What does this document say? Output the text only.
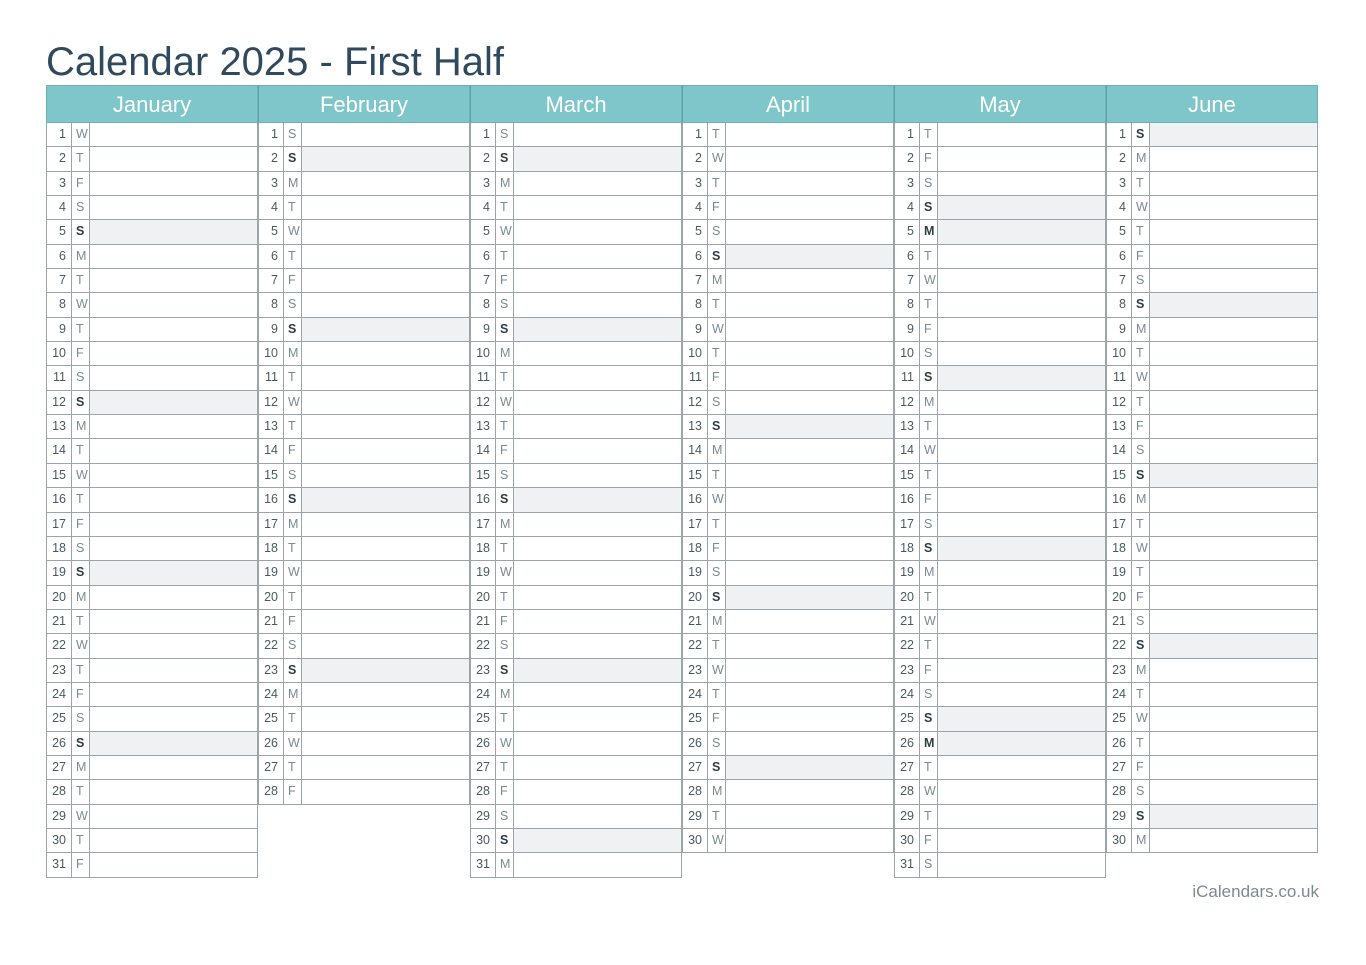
Calendar 2025 - First Half
January
1 W
2 T
3 F
4 S
5 S
6 M
7 T
8 W
9 T
10 F
11 S
12 S
13 M
14 T
15 W
16 T
17 F
18 S
19 S
20 M
21 T
22 W
23 T
24 F
25 S
26 S
27 M
28 T
29 W
30 T
31 F
February
1 S
2 S
3 M
4 T
5 W
6 T
7 F
8 S
9 S
10 M
11 T
12 W
13 T
14 F
15 S
16 S
17 M
18 T
19 W
20 T
21 F
22 S
23 S
24 M
25 T
26 W
27 T
28 F
March
1 S
2 S
3 M
4 T
5 W
6 T
7 F
8 S
9 S
10 M
11 T
12 W
13 T
14 F
15 S
16 S
17 M
18 T
19 W
20 T
21 F
22 S
23 S
24 M
25 T
26 W
27 T
28 F
29 S
30 S
31 M
April
1 T
2 W
3 T
4 F
5 S
6 S
7 M
8 T
9 W
10 T
11 F
12 S
13 S
14 M
15 T
16 W
17 T
18 F
19 S
20 S
21 M
22 T
23 W
24 T
25 F
26 S
27 S
28 M
29 T
30 W
May
1 T
2 F
3 S
4 S
5 M
6 T
7 W
8 T
9 F
10 S
11 S
12 M
13 T
14 W
15 T
16 F
17 S
18 S
19 M
20 T
21 W
22 T
23 F
24 S
25 S
26 M
27 T
28 W
29 T
30 F
31 S
June
1 S
2 M
3 T
4 W
5 T
6 F
7 S
8 S
9 M
10 T
11 W
12 T
13 F
14 S
15 S
16 M
17 T
18 W
19 T
20 F
21 S
22 S
23 M
24 T
25 W
26 T
27 F
28 S
29 S
30 M
iCalendars.co.uk
